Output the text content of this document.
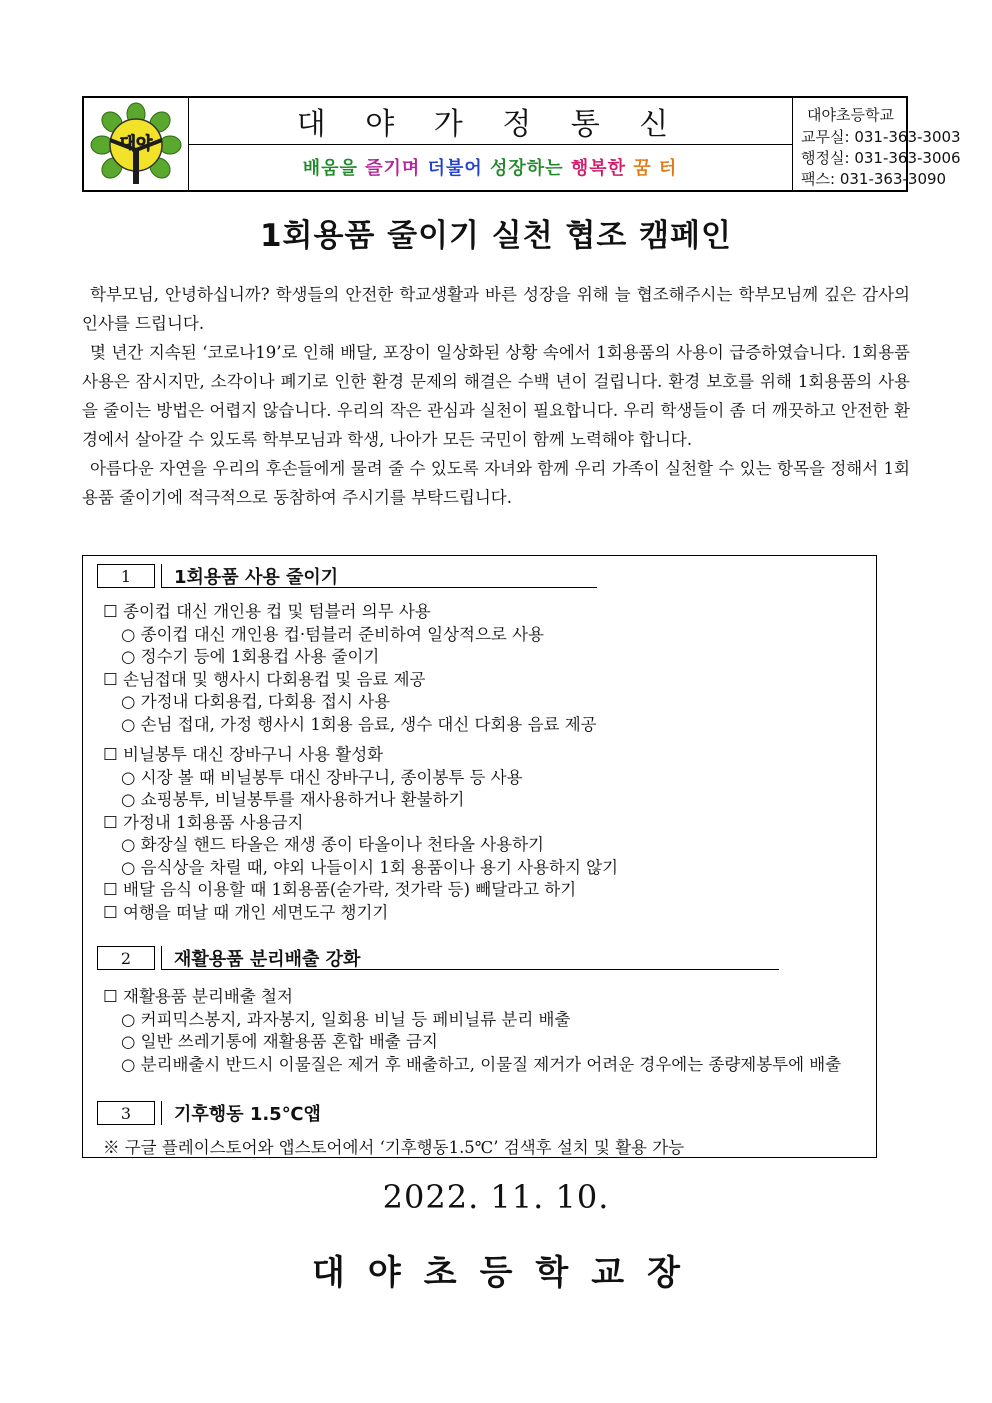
대야
대 야 가 정 통 신
배움을 즐기며 더불어 성장하는 행복한 꿈 터
대야초등학교
교무실: 031-363-3003
행정실: 031-363-3006
팩스: 031-363-3090
1회용품 줄이기 실천 협조 캠페인

학부모님, 안녕하십니까? 학생들의 안전한 학교생활과 바른 성장을 위해 늘 협조해주시는 학부모님께 깊은 감사의 인사를 드립니다.

몇 년간 지속된 ‘코로나19’로 인해 배달, 포장이 일상화된 상황 속에서 1회용품의 사용이 급증하였습니다. 1회용품 사용은 잠시지만, 소각이나 폐기로 인한 환경 문제의 해결은 수백 년이 걸립니다. 환경 보호를 위해 1회용품의 사용을 줄이는 방법은 어렵지 않습니다. 우리의 작은 관심과 실천이 필요합니다. 우리 학생들이 좀 더 깨끗하고 안전한 환경에서 살아갈 수 있도록 학부모님과 학생, 나아가 모든 국민이 함께 노력해야 합니다.

아름다운 자연을 우리의 후손들에게 물려 줄 수 있도록 자녀와 함께 우리 가족이 실천할 수 있는 항목을 정해서 1회용품 줄이기에 적극적으로 동참하여 주시기를 부탁드립니다.

1	1회용품 사용 줄이기
☐ 종이컵 대신 개인용 컵 및 텀블러 의무 사용
○ 종이컵 대신 개인용 컵·텀블러 준비하여 일상적으로 사용
○ 정수기 등에 1회용컵 사용 줄이기
☐ 손님접대 및 행사시 다회용컵 및 음료 제공
○ 가정내 다회용컵, 다회용 접시 사용
○ 손님 접대, 가정 행사시 1회용 음료, 생수 대신 다회용 음료 제공
☐ 비닐봉투 대신 장바구니 사용 활성화
○ 시장 볼 때 비닐봉투 대신 장바구니, 종이봉투 등 사용
○ 쇼핑봉투, 비닐봉투를 재사용하거나 환불하기
☐ 가정내 1회용품 사용금지
○ 화장실 핸드 타올은 재생 종이 타올이나 천타올 사용하기
○ 음식상을 차릴 때, 야외 나들이시 1회 용품이나 용기 사용하지 않기
☐ 배달 음식 이용할 때 1회용품(숟가락, 젓가락 등) 빼달라고 하기
☐ 여행을 떠날 때 개인 세면도구 챙기기
2	재활용품 분리배출 강화
☐ 재활용품 분리배출 철저
○ 커피믹스봉지, 과자봉지, 일회용 비닐 등 페비닐류 분리 배출
○ 일반 쓰레기통에 재활용품 혼합 배출 금지
○ 분리배출시 반드시 이물질은 제거 후 배출하고, 이물질 제거가 어려운 경우에는 종량제봉투에 배출
3	기후행동 1.5℃앱
※ 구글 플레이스토어와 앱스토어에서 ‘기후행동1.5℃’ 검색후 설치 및 활용 가능
2022. 11. 10.
대야초등학교장
